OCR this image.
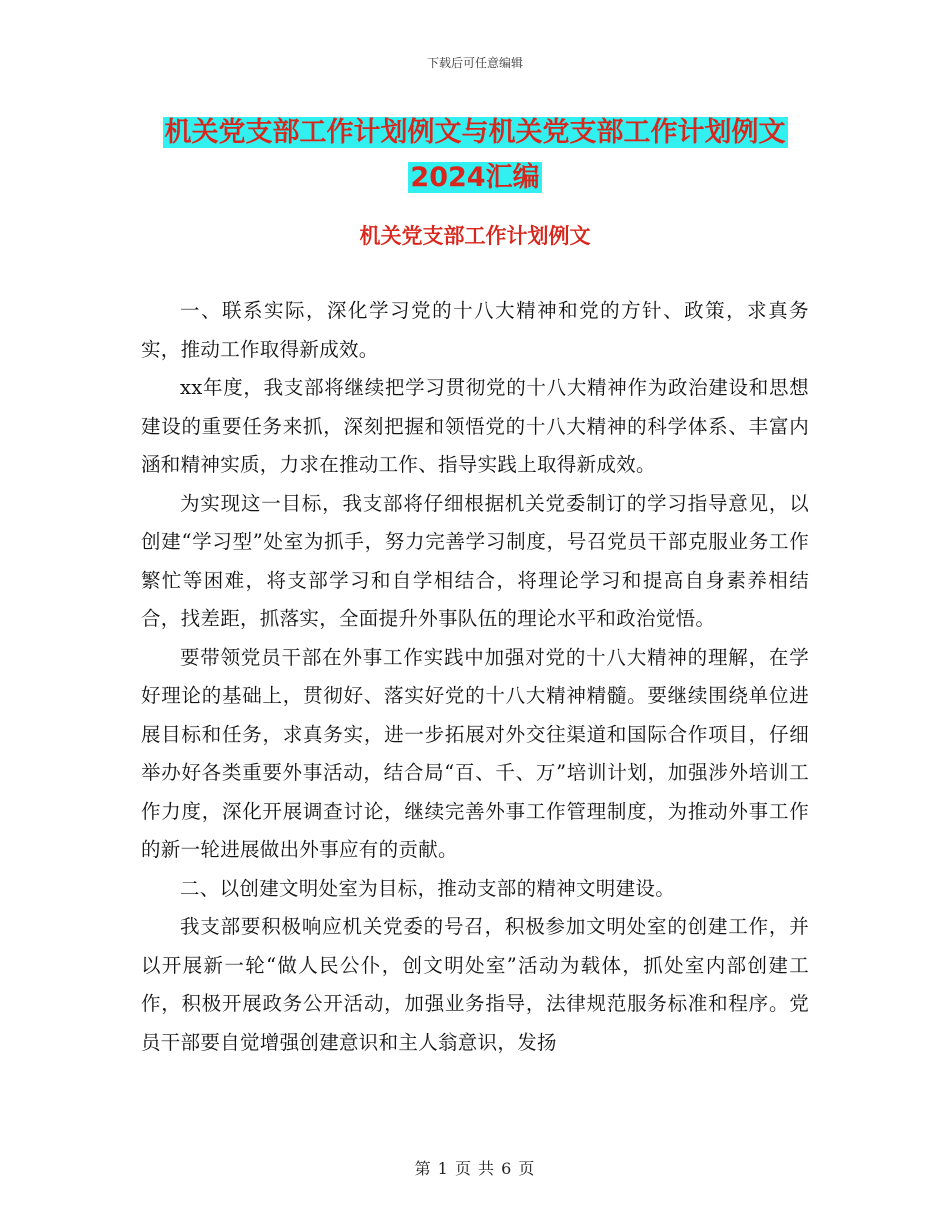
下载后可任意编辑
机关党支部工作计划例文与机关党支部工作计划例文
2024汇编
机关党支部工作计划例文

一、联系实际，深化学习党的十八大精神和党的方针、政策，求真务实，推动工作取得新成效。

xx年度，我支部将继续把学习贯彻党的十八大精神作为政治建设和思想建设的重要任务来抓，深刻把握和领悟党的十八大精神的科学体系、丰富内涵和精神实质，力求在推动工作、指导实践上取得新成效。

为实现这一目标，我支部将仔细根据机关党委制订的学习指导意见，以创建“学习型”处室为抓手，努力完善学习制度，号召党员干部克服业务工作繁忙等困难，将支部学习和自学相结合，将理论学习和提高自身素养相结合，找差距，抓落实，全面提升外事队伍的理论水平和政治觉悟。

要带领党员干部在外事工作实践中加强对党的十八大精神的理解，在学好理论的基础上，贯彻好、落实好党的十八大精神精髓。要继续围绕单位进展目标和任务，求真务实，进一步拓展对外交往渠道和国际合作项目，仔细举办好各类重要外事活动，结合局“百、千、万”培训计划，加强涉外培训工作力度，深化开展调查讨论，继续完善外事工作管理制度，为推动外事工作的新一轮进展做出外事应有的贡献。

二、以创建文明处室为目标，推动支部的精神文明建设。

我支部要积极响应机关党委的号召，积极参加文明处室的创建工作，并以开展新一轮“做人民公仆，创文明处室”活动为载体，抓处室内部创建工作，积极开展政务公开活动，加强业务指导，法律规范服务标准和程序。党员干部要自觉增强创建意识和主人翁意识，发扬

第 1 页 共 6 页
